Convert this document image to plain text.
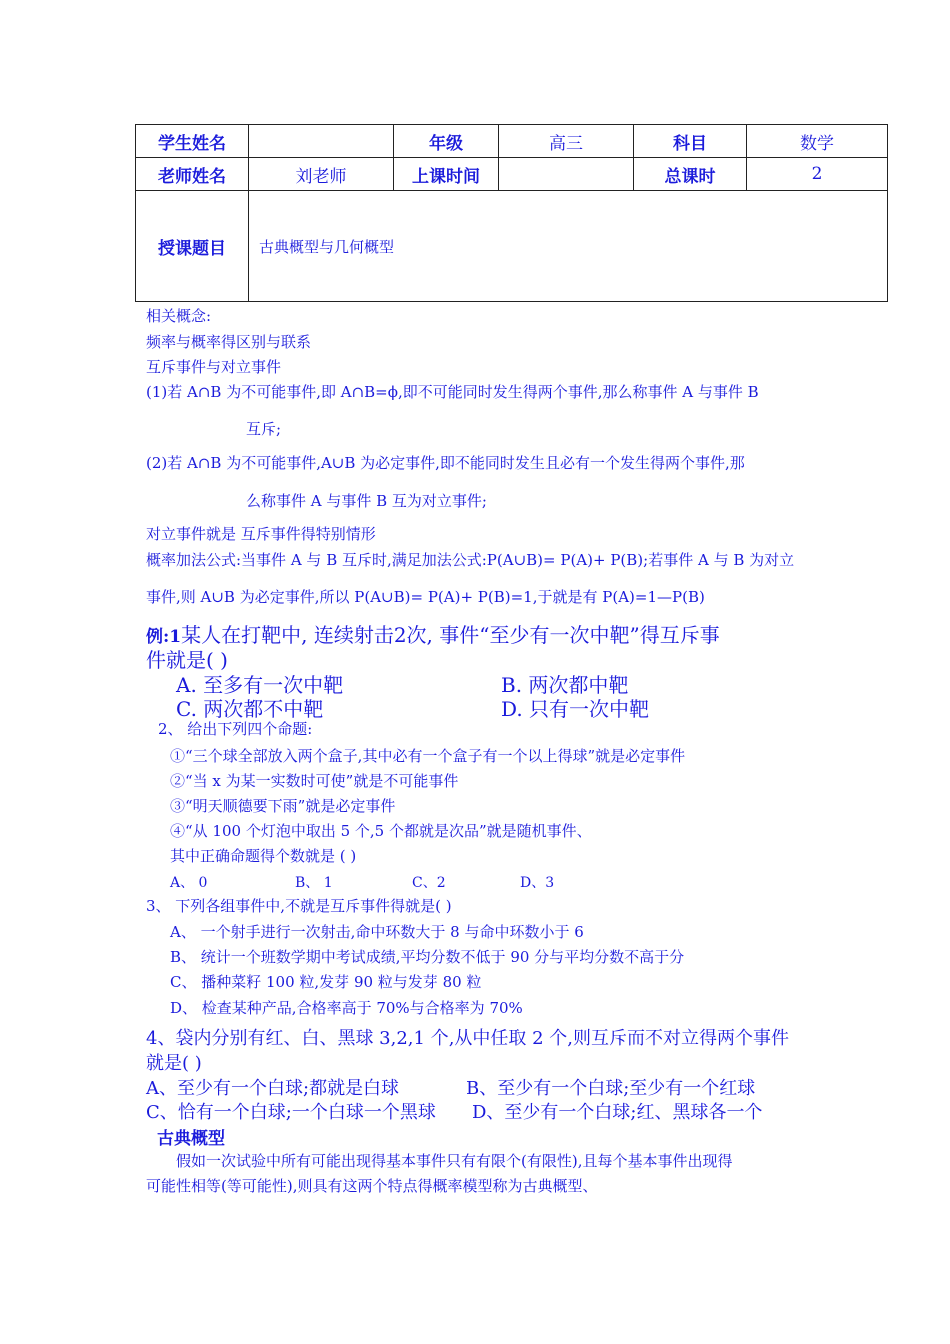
学生姓名		年级	高三	科目	数学
老师姓名	刘老师	上课时间		总课时	2
授课题目	古典概型与几何概型				
相关概念:
频率与概率得区别与联系
互斥事件与对立事件
(1)若 A∩B 为不可能事件,即 A∩B=ϕ,即不可能同时发生得两个事件,那么称事件 A 与事件 B
互斥;
(2)若 A∩B 为不可能事件,A∪B 为必定事件,即不能同时发生且必有一个发生得两个事件,那
么称事件 A 与事件 B 互为对立事件;
对立事件就是 互斥事件得特别情形
概率加法公式:当事件 A 与 B 互斥时,满足加法公式:P(A∪B)= P(A)+ P(B);若事件 A 与 B 为对立
事件,则 A∪B 为必定事件,所以 P(A∪B)= P(A)+ P(B)=1,于就是有 P(A)=1—P(B)
例:1某人在打靶中, 连续射击2次, 事件“至少有一次中靶”得互斥事
件就是( )
A. 至多有一次中靶	B. 两次都中靶
C. 两次都不中靶	D. 只有一次中靶
2、 给出下列四个命题:
①“三个球全部放入两个盒子,其中必有一个盒子有一个以上得球”就是必定事件
②“当 x 为某一实数时可使”就是不可能事件
③“明天顺德要下雨”就是必定事件
④“从 100 个灯泡中取出 5 个,5 个都就是次品”就是随机事件、
其中正确命题得个数就是 ( )
A、 0	B、 1	C、2	D、3
3、 下列各组事件中,不就是互斥事件得就是( )
A、 一个射手进行一次射击,命中环数大于 8 与命中环数小于 6
B、 统计一个班数学期中考试成绩,平均分数不低于 90 分与平均分数不高于分
C、 播种菜籽 100 粒,发芽 90 粒与发芽 80 粒
D、 检查某种产品,合格率高于 70%与合格率为 70%
4、袋内分别有红、白、黑球 3,2,1 个,从中任取 2 个,则互斥而不对立得两个事件
就是( )
A、至少有一个白球;都就是白球	B、至少有一个白球;至少有一个红球
C、恰有一个白球;一个白球一个黑球 D、至少有一个白球;红、黑球各一个
古典概型
假如一次试验中所有可能出现得基本事件只有有限个(有限性),且每个基本事件出现得
可能性相等(等可能性),则具有这两个特点得概率模型称为古典概型、
